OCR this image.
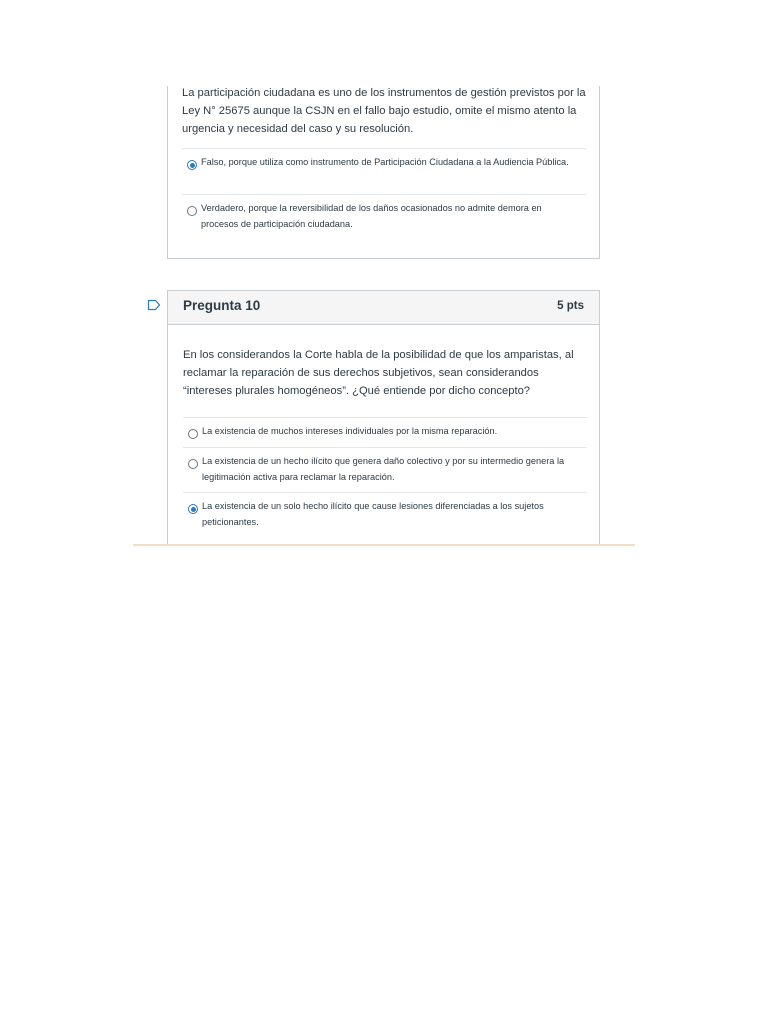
La participación ciudadana es uno de los instrumentos de gestión previstos por la Ley N° 25675 aunque la CSJN en el fallo bajo estudio, omite el mismo atento la urgencia y necesidad del caso y su resolución.
Falso, porque utiliza como instrumento de Participación Ciudadana a la Audiencia Pública.
Verdadero, porque la reversibilidad de los daños ocasionados no admite demora en procesos de participación ciudadana.
Pregunta 10	5 pts
En los considerandos la Corte habla de la posibilidad de que los amparistas, al reclamar la reparación de sus derechos subjetivos, sean considerandos “intereses plurales homogéneos”. ¿Qué entiende por dicho concepto?
La existencia de muchos intereses individuales por la misma reparación.
La existencia de un hecho ilícito que genera daño colectivo y por su intermedio genera la legitimación activa para reclamar la reparación.
La existencia de un solo hecho ilícito que cause lesiones diferenciadas a los sujetos peticionantes.
